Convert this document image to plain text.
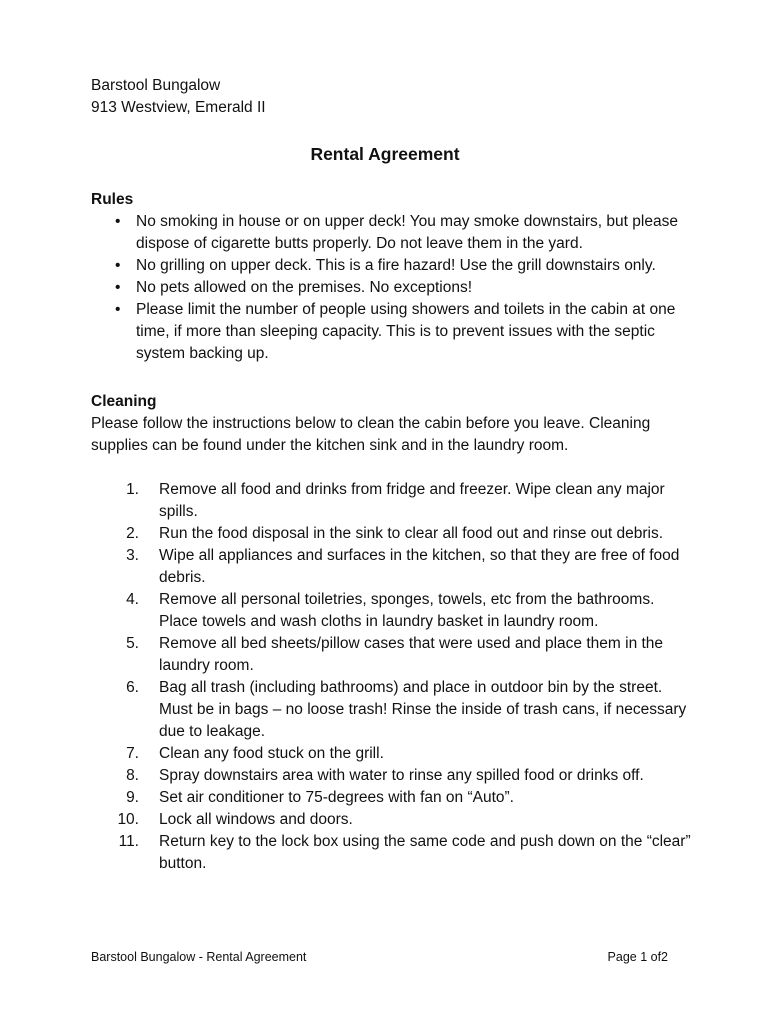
Barstool Bungalow
913 Westview, Emerald II
Rental Agreement
Rules
• No smoking in house or on upper deck! You may smoke downstairs, but please dispose of cigarette butts properly. Do not leave them in the yard.
• No grilling on upper deck. This is a fire hazard! Use the grill downstairs only.
• No pets allowed on the premises. No exceptions!
• Please limit the number of people using showers and toilets in the cabin at one time, if more than sleeping capacity. This is to prevent issues with the septic system backing up.
Cleaning
Please follow the instructions below to clean the cabin before you leave. Cleaning supplies can be found under the kitchen sink and in the laundry room.
1. Remove all food and drinks from fridge and freezer. Wipe clean any major spills.
2. Run the food disposal in the sink to clear all food out and rinse out debris.
3. Wipe all appliances and surfaces in the kitchen, so that they are free of food debris.
4. Remove all personal toiletries, sponges, towels, etc from the bathrooms. Place towels and wash cloths in laundry basket in laundry room.
5. Remove all bed sheets/pillow cases that were used and place them in the laundry room.
6. Bag all trash (including bathrooms) and place in outdoor bin by the street. Must be in bags – no loose trash! Rinse the inside of trash cans, if necessary due to leakage.
7. Clean any food stuck on the grill.
8. Spray downstairs area with water to rinse any spilled food or drinks off.
9. Set air conditioner to 75-degrees with fan on “Auto”.
10. Lock all windows and doors.
11. Return key to the lock box using the same code and push down on the “clear” button.
Barstool Bungalow - Rental Agreement	Page 1 of2
